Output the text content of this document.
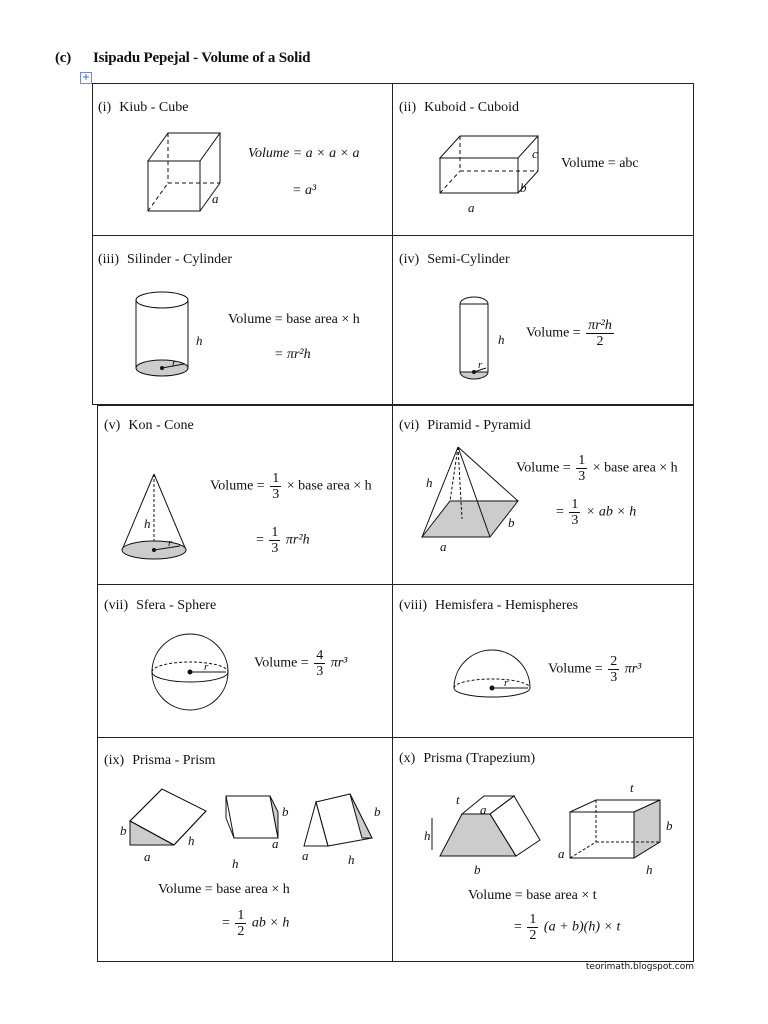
(c) Isipadu Pepejal - Volume of a Solid
+
(i) Kiub - Cube
a
Volume = a × a × a
= a³
(ii) Kuboid - Cuboid
a
b
c
Volume = abc
(iii) Silinder - Cylinder
h
r
Volume = base area × h
= πr²h
(iv) Semi-Cylinder
h
r
Volume = $\frac{\text{πr²h}}{2}$
(v) Kon - Cone
h
r
Volume = $\frac{1}{3}$ × base area × h
= $\frac{1}{3} \pi r^2h$
(vi) Piramid - Pyramid
h
a
b
Volume = $\frac{1}{3}$ × base area × h
= $\frac{1}{3}$ × ab × h
(vii) Sfera - Sphere
r	Volume = $\frac{4}{3} \pi r^3$
(viii) Hemisfera - Hemispheres
r
Volume = $\frac{2}{3} \pi r^3$
(ix) Prisma - Prism
b
a
h
b
a
h
b
a	h
Volume = base area × h
= $\frac{1}{2}$ ab × h
(x) Prisma (Trapezium)
t
a
h
b
t
a
b
h
Volume = base area × t
= $\frac{1}{2} (a + b)(h) \times t$
teorimath.blogspot.com
